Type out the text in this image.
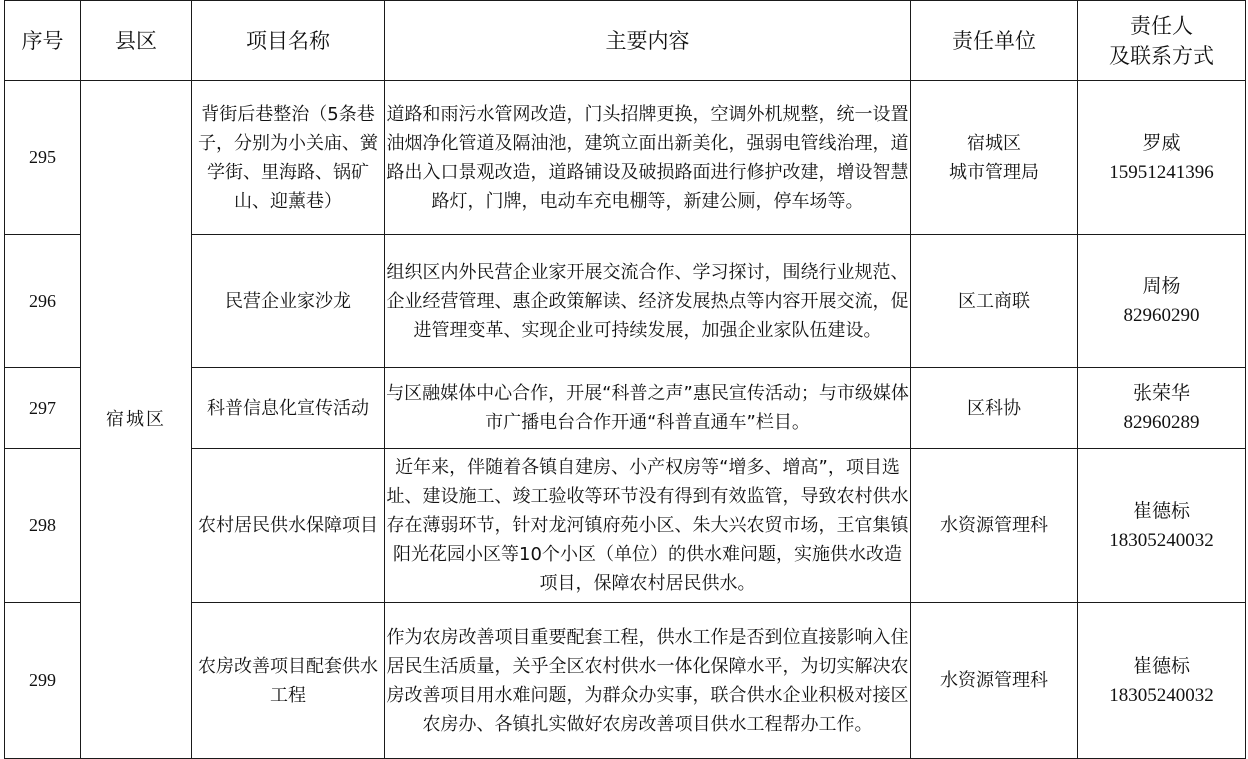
序号	县区	项目名称	主要内容	责任单位	责任人
及联系方式

295	宿城区	背街后巷整治（5条巷子，分别为小关庙、黉学街、里海路、锅矿山、迎薰巷）	道路和雨污水管网改造，门头招牌更换，空调外机规整，统一设置油烟净化管道及隔油池，建筑立面出新美化，强弱电管线治理，道路出入口景观改造，道路铺设及破损路面进行修护改建，增设智慧路灯，门牌，电动车充电棚等，新建公厕，停车场等。	宿城区
城市管理局	罗威
15951241396

296		民营企业家沙龙	组织区内外民营企业家开展交流合作、学习探讨，围绕行业规范、企业经营管理、惠企政策解读、经济发展热点等内容开展交流，促进管理变革、实现企业可持续发展，加强企业家队伍建设。	区工商联	周杨
82960290

297		科普信息化宣传活动	与区融媒体中心合作，开展“科普之声”惠民宣传活动；与市级媒体市广播电台合作开通“科普直通车”栏目。	区科协	张荣华
82960289

298		农村居民供水保障项目	近年来，伴随着各镇自建房、小产权房等“增多、增高”，项目选址、建设施工、竣工验收等环节没有得到有效监管，导致农村供水存在薄弱环节，针对龙河镇府苑小区、朱大兴农贸市场，王官集镇阳光花园小区等10个小区（单位）的供水难问题，实施供水改造项目，保障农村居民供水。	水资源管理科	崔德标
18305240032

299		农房改善项目配套供水工程	作为农房改善项目重要配套工程，供水工作是否到位直接影响入住居民生活质量，关乎全区农村供水一体化保障水平，为切实解决农房改善项目用水难问题，为群众办实事，联合供水企业积极对接区农房办、各镇扎实做好农房改善项目供水工程帮办工作。	水资源管理科	崔德标
18305240032
